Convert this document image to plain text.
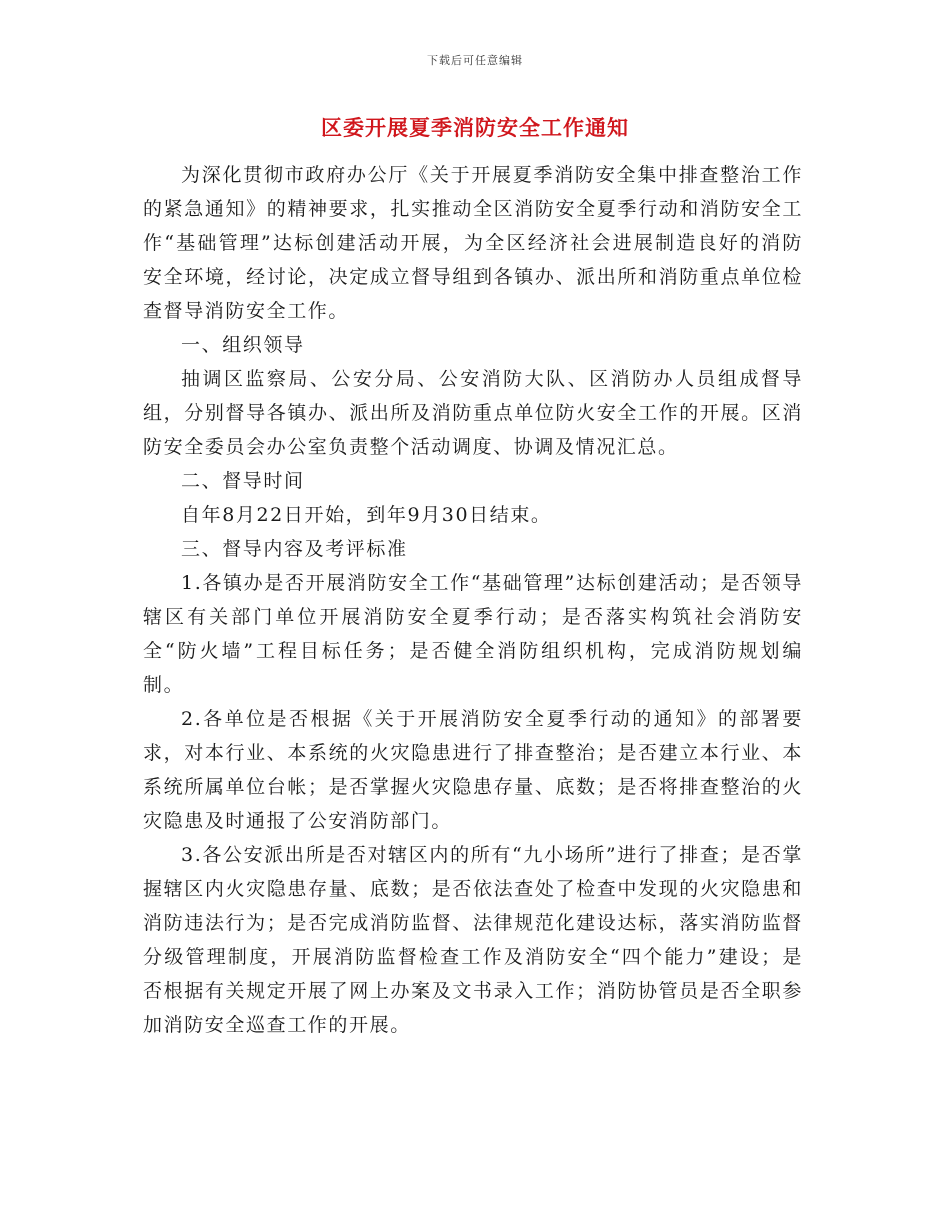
下载后可任意编辑
区委开展夏季消防安全工作通知

为深化贯彻市政府办公厅《关于开展夏季消防安全集中排查整治工作的紧急通知》的精神要求，扎实推动全区消防安全夏季行动和消防安全工作“基础管理”达标创建活动开展，为全区经济社会进展制造良好的消防安全环境，经讨论，决定成立督导组到各镇办、派出所和消防重点单位检查督导消防安全工作。

一、组织领导

抽调区监察局、公安分局、公安消防大队、区消防办人员组成督导组，分别督导各镇办、派出所及消防重点单位防火安全工作的开展。区消防安全委员会办公室负责整个活动调度、协调及情况汇总。

二、督导时间

自年8月22日开始，到年9月30日结束。

三、督导内容及考评标准

1.各镇办是否开展消防安全工作“基础管理”达标创建活动；是否领导辖区有关部门单位开展消防安全夏季行动；是否落实构筑社会消防安全“防火墙”工程目标任务；是否健全消防组织机构，完成消防规划编制。

2.各单位是否根据《关于开展消防安全夏季行动的通知》的部署要求，对本行业、本系统的火灾隐患进行了排查整治；是否建立本行业、本系统所属单位台帐；是否掌握火灾隐患存量、底数；是否将排查整治的火灾隐患及时通报了公安消防部门。

3.各公安派出所是否对辖区内的所有“九小场所”进行了排查；是否掌握辖区内火灾隐患存量、底数；是否依法查处了检查中发现的火灾隐患和消防违法行为；是否完成消防监督、法律规范化建设达标，落实消防监督分级管理制度，开展消防监督检查工作及消防安全“四个能力”建设；是否根据有关规定开展了网上办案及文书录入工作；消防协管员是否全职参加消防安全巡查工作的开展。
